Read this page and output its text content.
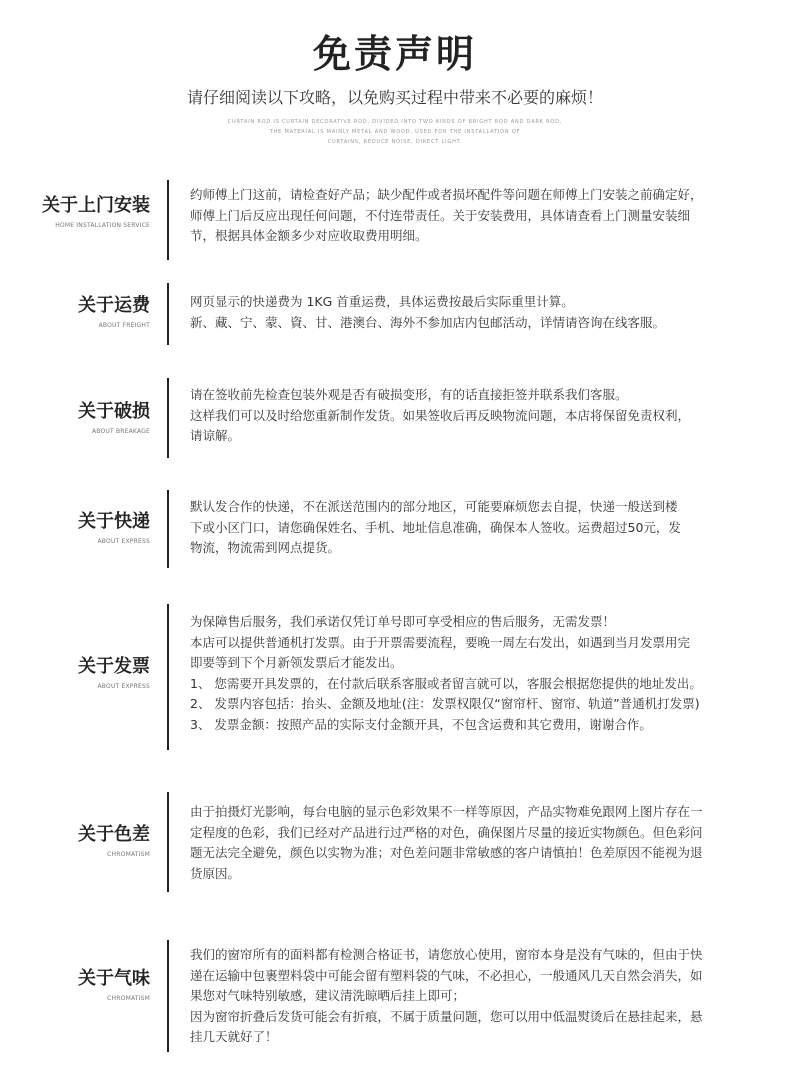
免责声明
请仔细阅读以下攻略，以免购买过程中带来不必要的麻烦！
CURTAIN ROD IS CURTAIN DECORATIVE ROD, DIVIDED INTO TWO KINDS OF BRIGHT ROD AND DARK ROD,
THE MATERIAL IS MAINLY METAL AND WOOD, USED FOR THE INSTALLATION OF
CURTAINS, REDUCE NOISE, DIRECT LIGHT.
关于上门安装
HOME INSTALLATION SERVICE
约师傅上门这前，请检查好产品；缺少配件或者损坏配件等问题在师傅上门安装之前确定好，
师傅上门后反应出现任何问题，不付连带责任。关于安装费用，具体请查看上门测量安装细
节，根据具体金额多少对应收取费用明细。
关于运费
ABOUT FREIGHT
网页显示的快递费为 1KG 首重运费，具体运费按最后实际重里计算。
新、藏、宁、蒙、資、甘、港澳台、海外不参加店内包邮活动，详情请咨询在线客服。
关于破损
ABOUT BREAKAGE
请在签收前先检查包装外观是否有破损变形，有的话直接拒签并联系我们客服。
这样我们可以及时给您重新制作发货。如果签收后再反映物流问题，本店将保留免责权利，
请谅解。
关于快递
ABOUT EXPRESS
默认发合作的快递，不在派送范围内的部分地区，可能要麻烦您去自提，快递一般送到楼
下或小区门口，请您确保姓名、手机、地址信息准确，确保本人签收。运费超过50元，发
物流，物流需到网点提货。
关于发票
ABOUT EXPRESS
为保障售后服务，我们承诺仅凭订单号即可享受相应的售后服务，无需发票！
本店可以提供普通机打发票。由于开票需要流程，要晚一周左右发出，如遇到当月发票用完
即要等到下个月新领发票后才能发出。
1、 您需要开具发票的，在付款后联系客服或者留言就可以，客服会根据您提供的地址发出。
2、 发票内容包括：抬头、金额及地址(注：发票权限仅“窗帘杆、窗帘、轨道”普通机打发票)
3、 发票金额：按照产品的实际支付金额开具，不包含运费和其它费用，谢谢合作。
关于色差
CHROMATISM
由于拍摄灯光影响，每台电脑的显示色彩效果不一样等原因，产品实物难免跟网上图片存在一
定程度的色彩，我们已经对产品进行过严格的对色，确保图片尽量的接近实物颜色。但色彩问
题无法完全避免，颜色以实物为准；对色差问题非常敏感的客户请慎拍！色差原因不能视为退
货原因。
关于气味
CHROMATISM
我们的窗帘所有的面料都有检测合格证书，请您放心使用，窗帘本身是没有气味的，但由于快
递在运输中包裹塑料袋中可能会留有塑料袋的气味，不必担心，一般通风几天自然会消失，如
果您对气味特别敏感，建议清洗晾晒后挂上即可；
因为窗帘折叠后发货可能会有折痕，不属于质量问题，您可以用中低温熨烫后在悬挂起来，悬
挂几天就好了！
